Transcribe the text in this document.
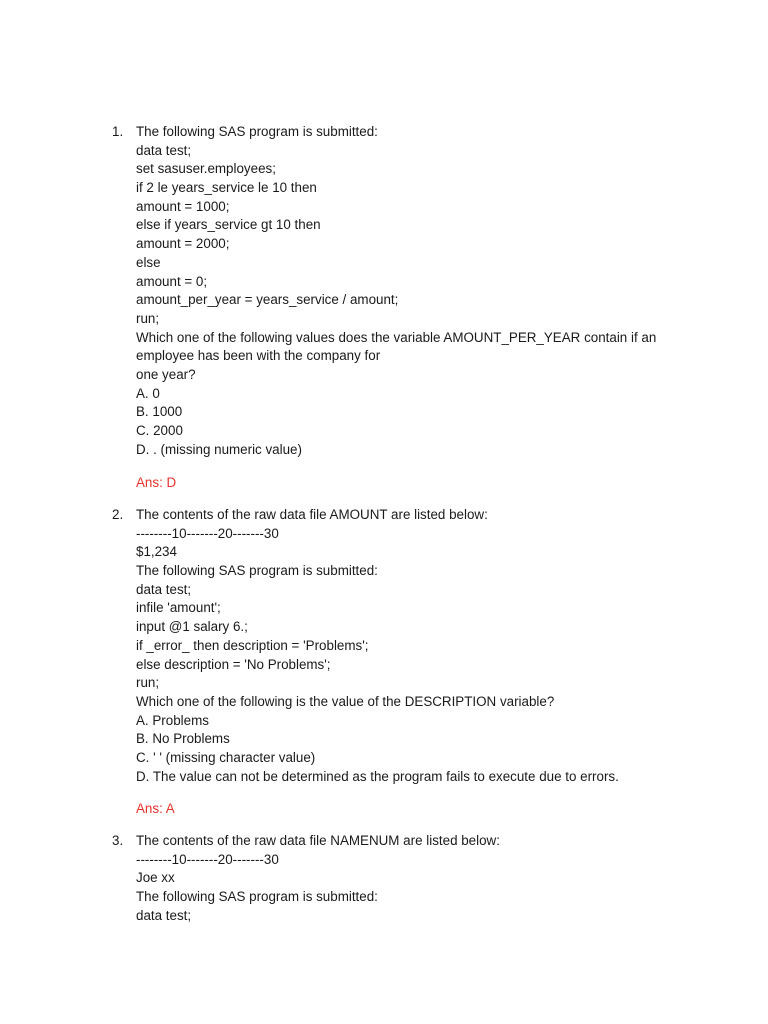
1. The following SAS program is submitted:
data test;
set sasuser.employees;
if 2 le years_service le 10 then
amount = 1000;
else if years_service gt 10 then
amount = 2000;
else
amount = 0;
amount_per_year = years_service / amount;
run;
Which one of the following values does the variable AMOUNT_PER_YEAR contain if an
employee has been with the company for
one year?
A. 0
B. 1000
C. 2000
D. . (missing numeric value)
Ans: D
2. The contents of the raw data file AMOUNT are listed below:
--------10-------20-------30
$1,234
The following SAS program is submitted:
data test;
infile 'amount';
input @1 salary 6.;
if _error_ then description = 'Problems';
else description = 'No Problems';
run;
Which one of the following is the value of the DESCRIPTION variable?
A. Problems
B. No Problems
C. ' ' (missing character value)
D. The value can not be determined as the program fails to execute due to errors.
Ans: A
3. The contents of the raw data file NAMENUM are listed below:
--------10-------20-------30
Joe xx
The following SAS program is submitted:
data test;
